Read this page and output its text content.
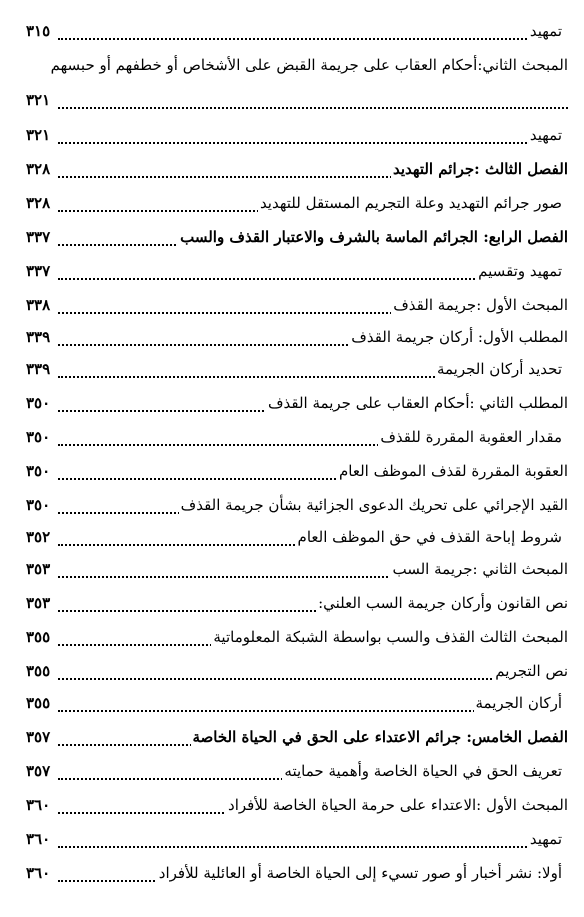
تمهيد
٣١٥
المبحث الثاني:أحكام العقاب على جريمة القبض على الأشخاص أو خطفهم أو حبسهم
٣٢١
تمهيد
٣٢١
الفصل الثالث :جرائم التهديد
٣٢٨
صور جرائم التهديد وعلة التجريم المستقل للتهديد
٣٢٨
الفصل الرابع: الجرائم الماسة بالشرف والاعتبار القذف والسب
٣٣٧
تمهيد وتقسيم
٣٣٧
المبحث الأول :جريمة القذف
٣٣٨
المطلب الأول: أركان جريمة القذف
٣٣٩
تحديد أركان الجريمة
٣٣٩
المطلب الثاني :أحكام العقاب على جريمة القذف
٣٥٠
مقدار العقوبة المقررة للقذف
٣٥٠
العقوبة المقررة لقذف الموظف العام
٣٥٠
القيد الإجرائي على تحريك الدعوى الجزائية بشأن جريمة القذف
٣٥٠
شروط إباحة القذف في حق الموظف العام
٣٥٢
المبحث الثاني :جريمة السب
٣٥٣
نص القانون وأركان جريمة السب العلني:
٣٥٣
المبحث الثالث القذف والسب بواسطة الشبكة المعلوماتية
٣٥٥
نص التجريم
٣٥٥
أركان الجريمة
٣٥٥
الفصل الخامس: جرائم الاعتداء على الحق في الحياة الخاصة
٣٥٧
تعريف الحق في الحياة الخاصة وأهمية حمايته
٣٥٧
المبحث الأول :الاعتداء على حرمة الحياة الخاصة للأفراد
٣٦٠
تمهيد
٣٦٠
أولا: نشر أخبار أو صور تسيء إلى الحياة الخاصة أو العائلية للأفراد
٣٦٠
